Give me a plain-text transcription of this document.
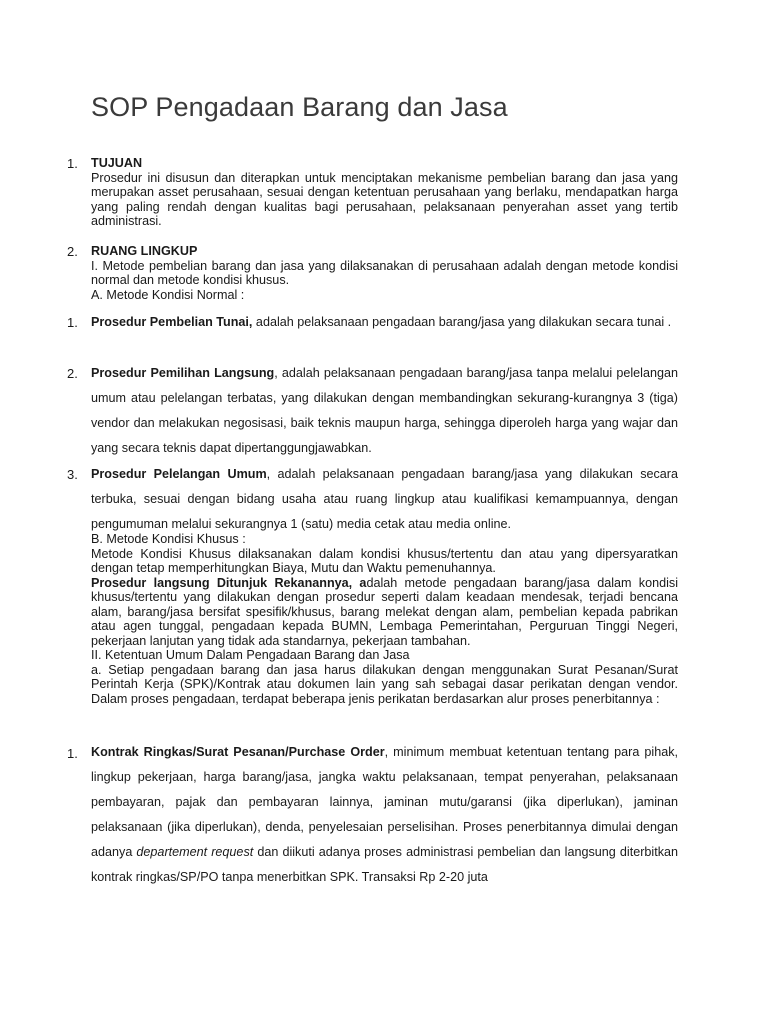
SOP Pengadaan Barang dan Jasa
1. TUJUAN

Prosedur ini disusun dan diterapkan untuk menciptakan mekanisme pembelian barang dan jasa yang merupakan asset perusahaan, sesuai dengan ketentuan perusahaan yang berlaku, mendapatkan harga yang paling rendah dengan kualitas bagi perusahaan, pelaksanaan penyerahan asset yang tertib administrasi.

2. RUANG LINGKUP

I. Metode pembelian barang dan jasa yang dilaksanakan di perusahaan adalah dengan metode kondisi normal dan metode kondisi khusus.

A. Metode Kondisi Normal :

1. Prosedur Pembelian Tunai, adalah pelaksanaan pengadaan barang/jasa yang dilakukan secara tunai .
2. Prosedur Pemilihan Langsung, adalah pelaksanaan pengadaan barang/jasa tanpa melalui pelelangan umum atau pelelangan terbatas, yang dilakukan dengan membandingkan sekurang-kurangnya 3 (tiga) vendor dan melakukan negosisasi, baik teknis maupun harga, sehingga diperoleh harga yang wajar dan yang secara teknis dapat dipertanggungjawabkan.
3. Prosedur Pelelangan Umum, adalah pelaksanaan pengadaan barang/jasa yang dilakukan secara terbuka, sesuai dengan bidang usaha atau ruang lingkup atau kualifikasi kemampuannya, dengan pengumuman melalui sekurangnya 1 (satu) media cetak atau media online.

B. Metode Kondisi Khusus :

Metode Kondisi Khusus dilaksanakan dalam kondisi khusus/tertentu dan atau yang dipersyaratkan dengan tetap memperhitungkan Biaya, Mutu dan Waktu pemenuhannya.

Prosedur langsung Ditunjuk Rekanannya, adalah metode pengadaan barang/jasa dalam kondisi khusus/tertentu yang dilakukan dengan prosedur seperti dalam keadaan mendesak, terjadi bencana alam, barang/jasa bersifat spesifik/khusus, barang melekat dengan alam, pembelian kepada pabrikan atau agen tunggal, pengadaan kepada BUMN, Lembaga Pemerintahan, Perguruan Tinggi Negeri, pekerjaan lanjutan yang tidak ada standarnya, pekerjaan tambahan.

II. Ketentuan Umum Dalam Pengadaan Barang dan Jasa

a. Setiap pengadaan barang dan jasa harus dilakukan dengan menggunakan Surat Pesanan/Surat Perintah Kerja (SPK)/Kontrak atau dokumen lain yang sah sebagai dasar perikatan dengan vendor. Dalam proses pengadaan, terdapat beberapa jenis perikatan berdasarkan alur proses penerbitannya :

1. Kontrak Ringkas/Surat Pesanan/Purchase Order, minimum membuat ketentuan tentang para pihak, lingkup pekerjaan, harga barang/jasa, jangka waktu pelaksanaan, tempat penyerahan, pelaksanaan pembayaran, pajak dan pembayaran lainnya, jaminan mutu/garansi (jika diperlukan), jaminan pelaksanaan (jika diperlukan), denda, penyelesaian perselisihan. Proses penerbitannya dimulai dengan adanya departement request dan diikuti adanya proses administrasi pembelian dan langsung diterbitkan kontrak ringkas/SP/PO tanpa menerbitkan SPK. Transaksi Rp 2-20 juta
